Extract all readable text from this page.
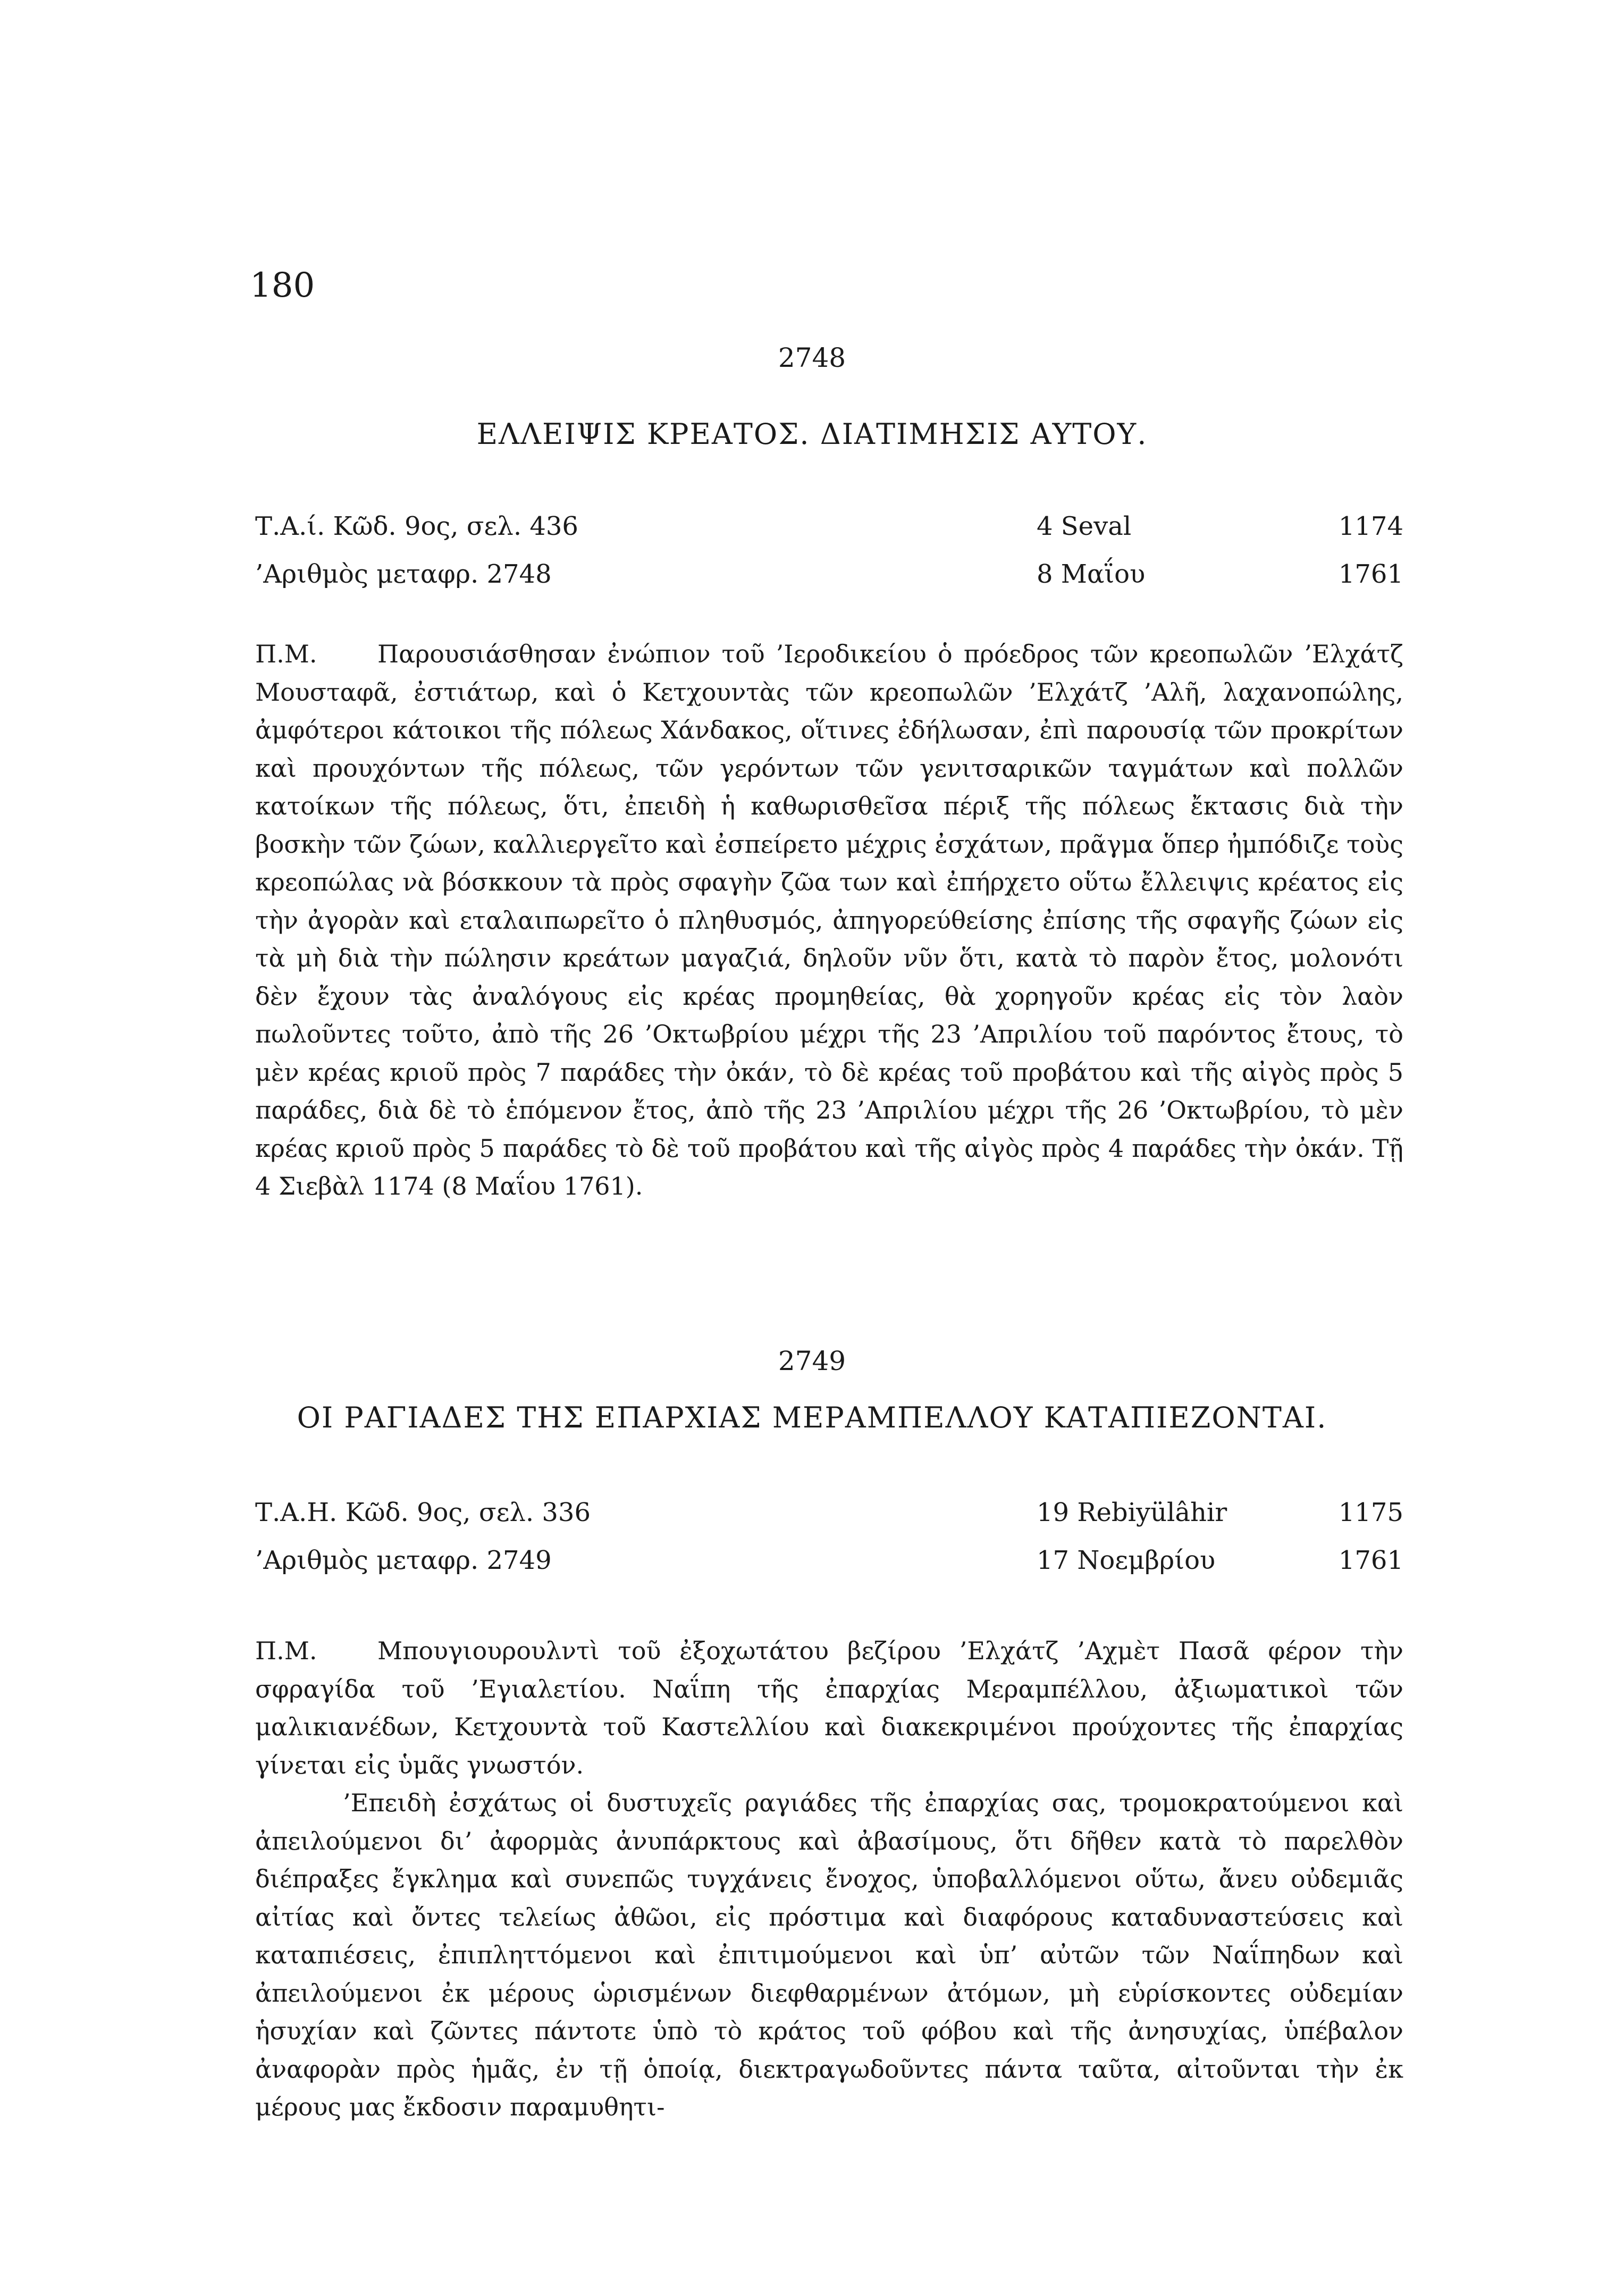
180
2748
ΕΛΛΕΙΨΙΣ ΚΡΕΑΤΟΣ. ΔΙΑΤΙΜΗΣΙΣ ΑΥΤΟΥ.
Τ.Α.ί. Κῶδ. 9ος, σελ. 436	4 Seval	1174
’Αριθμὸς μεταφρ. 2748	8 Μαΐου	1761

Π.Μ. Παρουσιάσθησαν ἐνώπιον τοῦ ’Ιεροδικείου ὁ πρόεδρος τῶν κρεοπωλῶν ’Ελχάτζ Μουσταφᾶ, ἐστιάτωρ, καὶ ὁ Κετχουντὰς τῶν κρεοπωλῶν ’Ελχάτζ ’Αλῆ, λαχανοπώλης, ἀμφότεροι κάτοικοι τῆς πόλεως Χάνδακος, οἵτινες ἐδήλωσαν, ἐπὶ παρουσίᾳ τῶν προκρίτων καὶ προυχόντων τῆς πόλεως, τῶν γερόντων τῶν γενιτσαρικῶν ταγμάτων καὶ πολλῶν κατοίκων τῆς πόλεως, ὅτι, ἐπειδὴ ἡ καθωρισθεῖσα πέριξ τῆς πόλεως ἔκτασις διὰ τὴν βοσκὴν τῶν ζώων, καλλιεργεῖτο καὶ ἐσπείρετο μέχρις ἐσχάτων, πρᾶγμα ὅπερ ἠμπόδιζε τοὺς κρεοπώλας νὰ βόσκκουν τὰ πρὸς σφαγὴν ζῶα των καὶ ἐπήρχετο οὕτω ἔλλειψις κρέατος εἰς τὴν ἀγορὰν καὶ εταλαιπωρεῖτο ὁ πληθυσμός, ἀπηγορεύθείσης ἐπίσης τῆς σφαγῆς ζώων εἰς τὰ μὴ διὰ τὴν πώλησιν κρεάτων μαγαζιά, δηλοῦν νῦν ὅτι, κατὰ τὸ παρὸν ἔτος, μολονότι δὲν ἔχουν τὰς ἀναλόγους εἰς κρέας προμηθείας, θὰ χορηγοῦν κρέας εἰς τὸν λαὸν πωλοῦντες τοῦτο, ἀπὸ τῆς 26 ’Οκτωβρίου μέχρι τῆς 23 ’Απριλίου τοῦ παρόντος ἔτους, τὸ μὲν κρέας κριοῦ πρὸς 7 παράδες τὴν ὀκάν, τὸ δὲ κρέας τοῦ προβάτου καὶ τῆς αἰγὸς πρὸς 5 παράδες, διὰ δὲ τὸ ἑπόμενον ἔτος, ἀπὸ τῆς 23 ’Απριλίου μέχρι τῆς 26 ’Οκτωβρίου, τὸ μὲν κρέας κριοῦ πρὸς 5 παράδες τὸ δὲ τοῦ προβάτου καὶ τῆς αἰγὸς πρὸς 4 παράδες τὴν ὀκάν. Τῇ 4 Σιεβὰλ 1174 (8 Μαΐου 1761).

2749
ΟΙ ΡΑΓΙΑΔΕΣ ΤΗΣ ΕΠΑΡΧΙΑΣ ΜΕΡΑΜΠΕΛΛΟΥ ΚΑΤΑΠΙΕΖΟΝΤΑΙ.
Τ.Α.Η. Κῶδ. 9ος, σελ. 336	19 Rebiyülâhir	1175
’Αριθμὸς μεταφρ. 2749	17 Νοεμβρίου	1761

Π.Μ. Μπουγιουρουλντὶ τοῦ ἐξοχωτάτου βεζίρου ’Ελχάτζ ’Αχμὲτ Πασᾶ φέρον τὴν σφραγίδα τοῦ ’Εγιαλετίου. Ναΐπη τῆς ἐπαρχίας Μεραμπέλλου, ἀξιωματικοὶ τῶν μαλικιανέδων, Κετχουντὰ τοῦ Καστελλίου καὶ διακεκριμένοι πρoύχοντες τῆς ἐπαρχίας γίνεται εἰς ὑμᾶς γνωστόν.

’Επειδὴ ἐσχάτως οἱ δυστυχεῖς ραγιάδες τῆς ἐπαρχίας σας, τρομοκρατούμενοι καὶ ἀπειλούμενοι δι’ ἀφορμὰς ἀνυπάρκτους καὶ ἀβασίμους, ὅτι δῆθεν κατὰ τὸ παρελθὸν διέπραξες ἔγκλημα καὶ συνεπῶς τυγχάνεις ἔνοχος, ὑποβαλλόμενοι οὕτω, ἄνευ οὐδεμιᾶς αἰτίας καὶ ὄντες τελείως ἀθῶοι, εἰς πρόστιμα καὶ διαφόρους καταδυναστεύσεις καὶ καταπιέσεις, ἐπιπληττόμενοι καὶ ἐπιτιμούμενοι καὶ ὑπ’ αὐτῶν τῶν Ναΐπηδων καὶ ἀπειλούμενοι ἐκ μέρους ὡρισμένων διεφθαρμένων ἀτόμων, μὴ εὑρίσκοντες οὐδεμίαν ἡσυχίαν καὶ ζῶντες πάντοτε ὑπὸ τὸ κράτος τοῦ φόβου καὶ τῆς ἀνησυχίας, ὑπέβαλον ἀναφορὰν πρὸς ἡμᾶς, ἐν τῇ ὁποίᾳ, διεκτραγωδοῦντες πάντα ταῦτα, αἰτοῦνται τὴν ἐκ μέρους μας ἔκδοσιν παραμυθητι-
